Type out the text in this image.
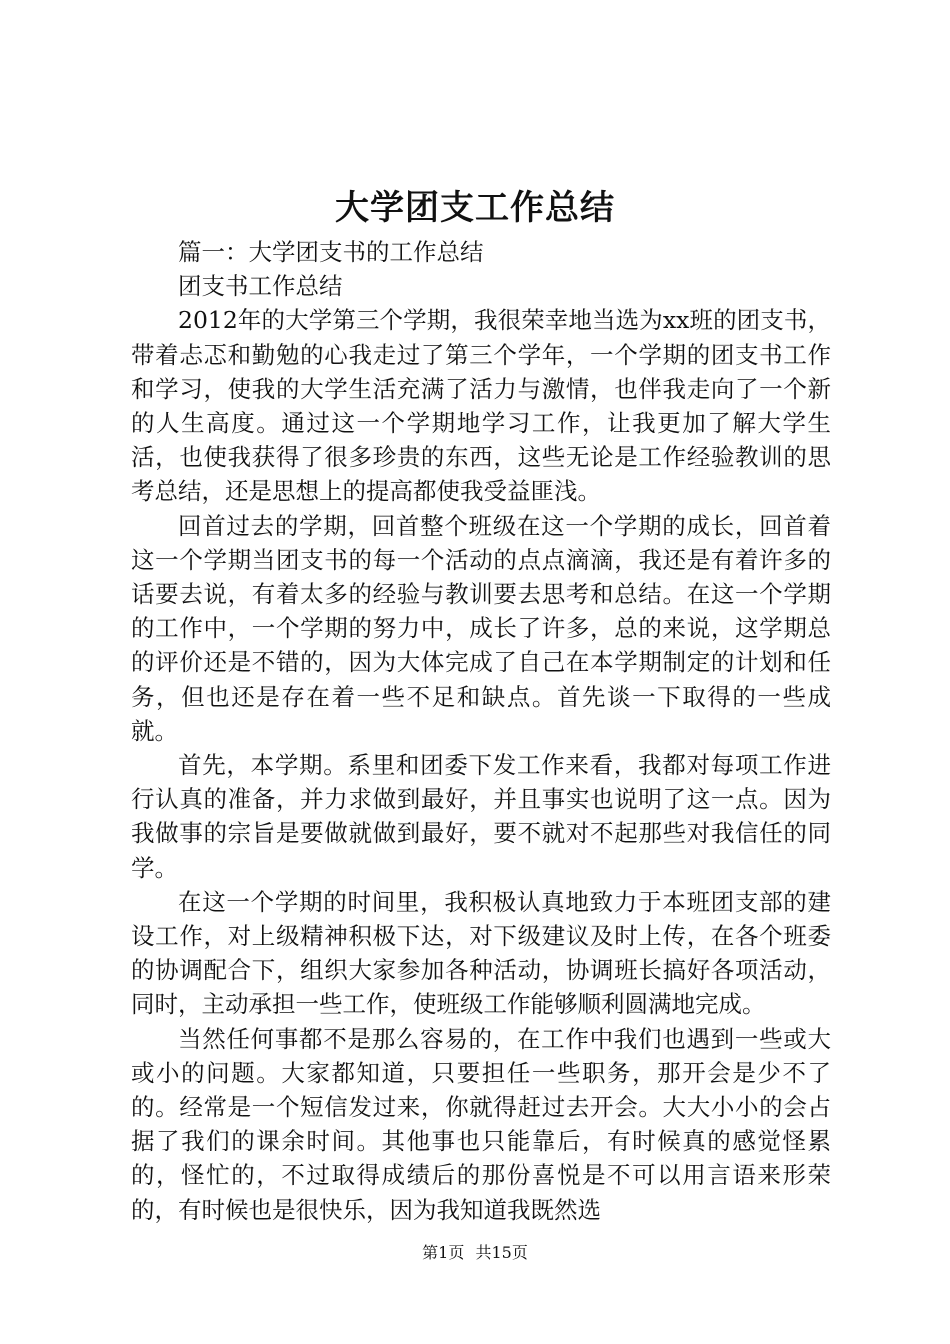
大学团支工作总结

篇一：大学团支书的工作总结

团支书工作总结

2012年的大学第三个学期，我很荣幸地当选为xx班的团支书，带着忐忑和勤勉的心我走过了第三个学年，一个学期的团支书工作和学习，使我的大学生活充满了活力与激情，也伴我走向了一个新的人生高度。通过这一个学期地学习工作，让我更加了解大学生活，也使我获得了很多珍贵的东西，这些无论是工作经验教训的思考总结，还是思想上的提高都使我受益匪浅。

回首过去的学期，回首整个班级在这一个学期的成长，回首着这一个学期当团支书的每一个活动的点点滴滴，我还是有着许多的话要去说，有着太多的经验与教训要去思考和总结。在这一个学期的工作中，一个学期的努力中，成长了许多，总的来说，这学期总的评价还是不错的，因为大体完成了自己在本学期制定的计划和任务，但也还是存在着一些不足和缺点。首先谈一下取得的一些成就。

首先，本学期。系里和团委下发工作来看，我都对每项工作进行认真的准备，并力求做到最好，并且事实也说明了这一点。因为我做事的宗旨是要做就做到最好，要不就对不起那些对我信任的同学。

在这一个学期的时间里，我积极认真地致力于本班团支部的建设工作，对上级精神积极下达，对下级建议及时上传，在各个班委的协调配合下，组织大家参加各种活动，协调班长搞好各项活动，同时，主动承担一些工作，使班级工作能够顺利圆满地完成。

当然任何事都不是那么容易的，在工作中我们也遇到一些或大或小的问题。大家都知道，只要担任一些职务，那开会是少不了的。经常是一个短信发过来，你就得赶过去开会。大大小小的会占据了我们的课余时间。其他事也只能靠后，有时候真的感觉怪累的，怪忙的，不过取得成绩后的那份喜悦是不可以用言语来形荣的，有时候也是很快乐，因为我知道我既然选

第1页 共15页
